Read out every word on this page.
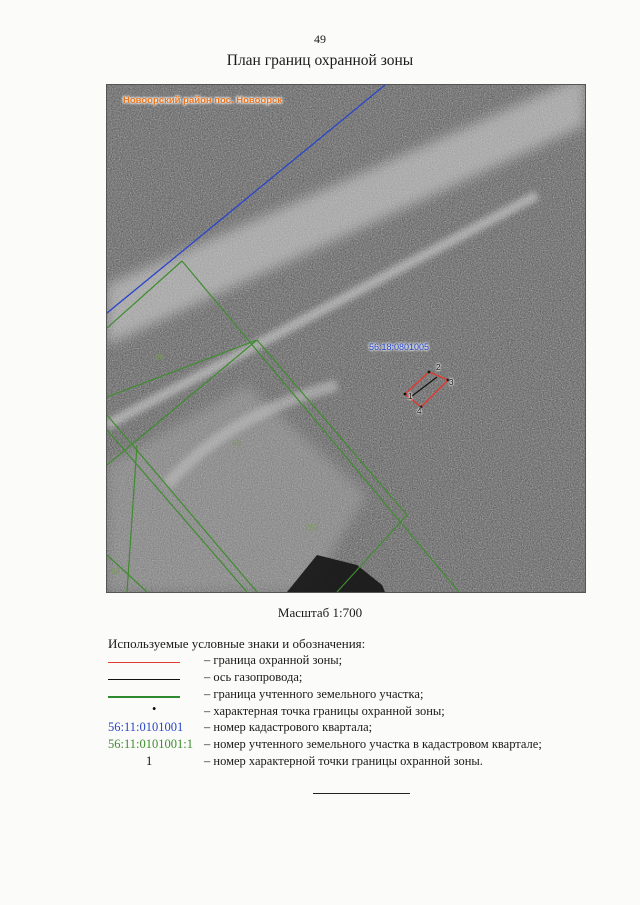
49
План границ охранной зоны
Новоорский район пос. Новоорск
56:18:0801005
1
2
3
4
96
98
292
80
Масштаб 1:700
Используемые условные знаки и обозначения:
– граница охранной зоны;
– ось газопровода;
– граница учтенного земельного участка;
•	– характерная точка границы охранной зоны;
56:11:0101001 – номер кадастрового квартала;
56:11:0101001:1 – номер учтенного земельного участка в кадастровом квартале;
1	– номер характерной точки границы охранной зоны.
